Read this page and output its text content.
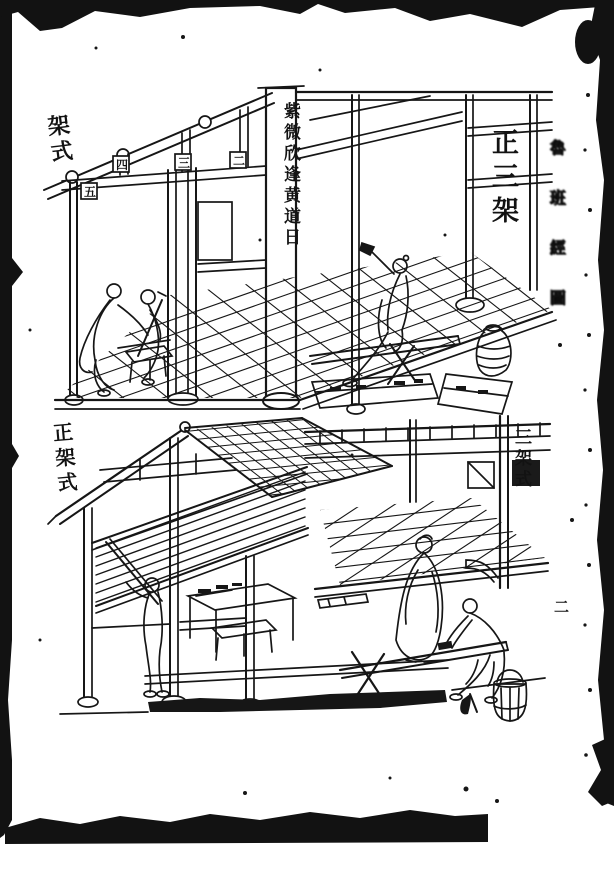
二
三
四
五
架式	正三架 魯班經圖
紫微欣逢黄道日
正架式	三架式
二
